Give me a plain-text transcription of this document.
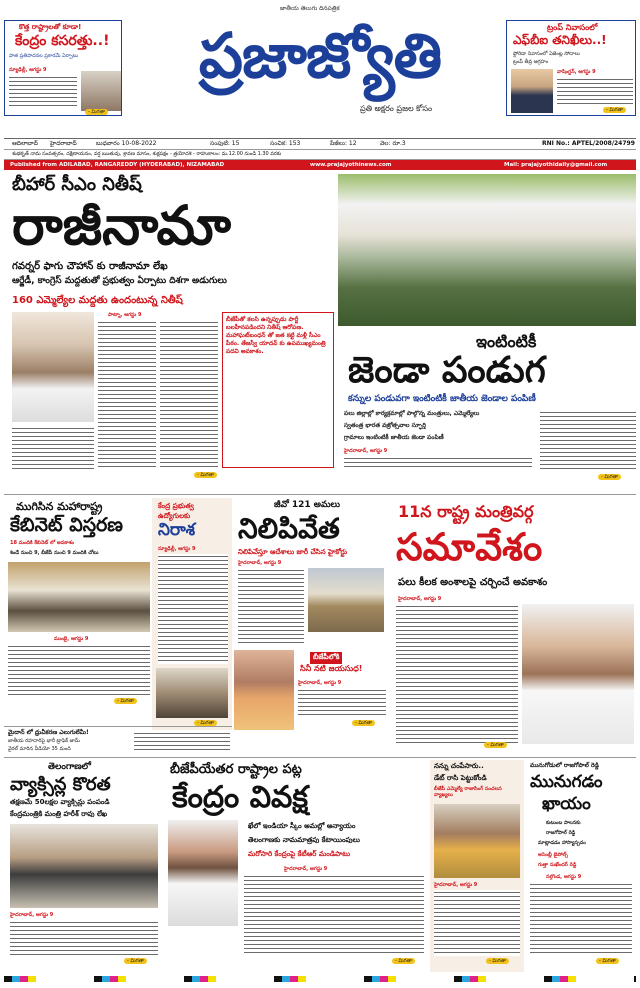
కొత్త రాష్ట్రాలతో కూడా!
కేంద్రం కసరత్తు..!
పాత ప్రతిపాదనల ప్రకారమే ఏర్పాటు
న్యూఢిల్లీ, ఆగస్టు 9
- మిగతా
జాతీయ తెలుగు దినపత్రిక
ప్రజాజ్యోతి
ప్రతి అక్షరం ప్రజల కోసం
ట్రంప్ నివాసంలో
ఎఫ్‌బీఐ తనిఖీలు..!
ఫ్లోరిడా నివాసంలో ఏజెంట్ల సోదాలు
ట్రంప్ తీవ్ర ఆగ్రహం
వాషింగ్టన్, ఆగస్టు 9
- మిగతా
ఆదిలాబాద్ హైదరాబాద్	బుధవారం 10-08-2022	సంపుటి: 15	సంచిక: 153	పేజీలు: 12	వెల: రూ.3	RNI No.: APTEL/2008/24799
శుభకృత్ నామ సంవత్సరం, దక్షిణాయనం, వర్ష ఋతువు, శ్రావణ మాసం, శుక్లపక్షం - త్రయోదశి - రాహుకాలం: మ.12.00 నుండి 1.30 వరకు
Published from ADILABAD, RANGAREDDY (HYDERABAD), NIZAMABAD	www.prajajyothinews.com	Mail: prajajyothidaily@gmail.com
బీహార్ సీఎం నితీష్
రాజీనామా
గవర్నర్ ఫాగు చౌహాన్ కు రాజీనామా లేఖ
ఆర్జేడీ, కాంగ్రెస్ మద్దతుతో ప్రభుత్వం ఏర్పాటు దిశగా అడుగులు
160 ఎమ్మెల్యేల మద్దతు ఉందంటున్న నితీష్
పాట్నా, ఆగస్టు 9
బీజేపీతో కలసి ఉన్నప్పుడు పార్టీ బలహీనపడిందని నితీష్ ఆరోపణ. మహాఘట్‌బంధన్ తో జత కట్టి మళ్లీ సీఎం పీఠం. తేజస్వీ యాదవ్ కు ఉపముఖ్యమంత్రి పదవి అవకాశం.
- మిగతా
ఇంటింటికీ
జెండా పండుగ
కన్నుల పండువగా ఇంటింటికీ జాతీయ జెండాల పంపిణీ
పలు జిల్లాల్లో కార్యక్రమాల్లో పాల్గొన్న మంత్రులు, ఎమ్మెల్యేలు
స్వతంత్ర భారత వజ్రోత్సవాల స్ఫూర్తి
గ్రామాలు ఇంటింటికీ జాతీయ జెండా పంపిణీ
హైదరాబాద్, ఆగస్టు 9
- మిగతా
ముగిసిన మహారాష్ట్ర
కేబినెట్ విస్తరణ
18 మందికి కేబినెట్ లో అవకాశం
శిండే నుంచి 9, బీజేపీ నుంచి 9 మందికి చోటు
ముంబై, ఆగస్టు 9
- మిగతా
కేంద్ర ప్రభుత్వ ఉద్యోగులకు
నిరాశ
న్యూఢిల్లీ, ఆగస్టు 9
- మిగతా
జీవో 121 అమలు
నిలిపివేత
నిలిపివేస్తూ ఆదేశాలు జారీ చేసిన హైకోర్టు
హైదరాబాద్, ఆగస్టు 9
బీజేపీలోకి
సినీ నటి జయసుధ!
హైదరాబాద్, ఆగస్టు 9
- మిగతా
మైదాన్ లో ధ్రువీకరణ ఎలుగులేమీ!
జాతీయ రహదారిపై భారీ ట్రాఫిక్ జామ్
వైరల్ మారిన వీడియో 35 మంది
11న రాష్ట్ర మంత్రివర్గ
సమావేశం
పలు కీలక అంశాలపై చర్చించే అవకాశం
హైదరాబాద్, ఆగస్టు 9
- మిగతా
తెలంగాణలో
వ్యాక్సిన్ల కొరత
తక్షణమే 50లక్షల వ్యాక్సిన్లు పంపండి
కేంద్రమంత్రికి మంత్రి హరీశ్ రావు లేఖ
హైదరాబాద్, ఆగస్టు 9
- మిగతా
బీజేపీయేతర రాష్ట్రాల పట్ల
కేంద్రం వివక్ష
ఖేలో ఇండియా స్కీం అమల్లో అన్యాయం
తెలంగాణకు నామమాత్రపు కేటాయింపులు
మరోసారి కేంద్రంపై కేటీఆర్ మండిపాటు
హైదరాబాద్, ఆగస్టు 9
- మిగతా
నన్ను చంపేసారు..
డేట్ రాసి పెట్టుకోండి
బీజేపీ ఎమ్మెల్యే రాజాసింగ్ సంచలన వ్యాఖ్యలు
హైదరాబాద్, ఆగస్టు 9
- మిగతా
మునుగోడులో రాజగోపాల్ రెడ్డి
మునుగడం
ఖాయం
కుటుంబ పాలనకు
రాజగోపాల్ రెడ్డి
మాట్లాడడం హాస్యాస్పదం
అసెంబ్లీ బైపోల్స్
గుత్తా సుఖేందర్ రెడ్డి
నల్గొండ, ఆగస్టు 9
- మిగతా
